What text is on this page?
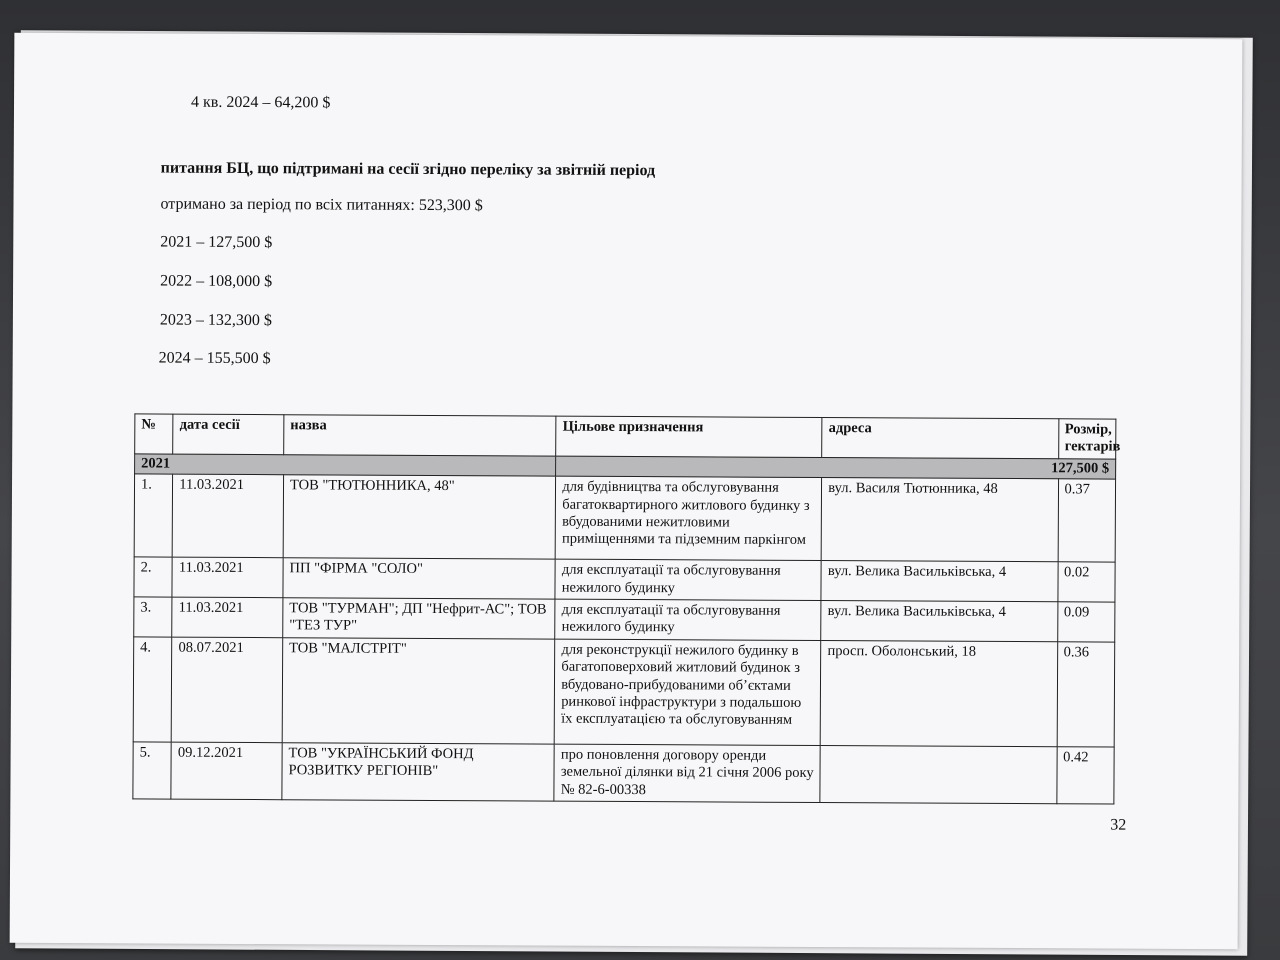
4 кв. 2024 – 64,200 $
питання БЦ, що підтримані на сесії згідно переліку за звітній період
отримано за період по всіх питаннях: 523,300 $
2021 – 127,500 $
2022 – 108,000 $
2023 – 132,300 $
2024 – 155,500 $
№	дата сесії	назва	Цільове призначення	адреса	Розмір, гектарів
2021			127,500 $		
1.	11.03.2021	ТОВ "ТЮТЮННИКА, 48"	для будівництва та обслуговування багатоквартирного житлового будинку з вбудованими нежитловими приміщеннями та підземним паркінгом	вул. Василя Тютюнника, 48	0.37
2.	11.03.2021	ПП "ФІРМА "СОЛО"	для експлуатації та обслуговування нежилого будинку	вул. Велика Васильківська, 4	0.02
3.	11.03.2021	ТОВ "ТУРМАН"; ДП "Нефрит-АС"; ТОВ "ТЕЗ ТУР"	для експлуатації та обслуговування нежилого будинку	вул. Велика Васильківська, 4	0.09
4.	08.07.2021	ТОВ "МАЛСТРІТ"	для реконструкції нежилого будинку в багатоповерховий житловий будинок з вбудовано-прибудованими об’єктами ринкової інфраструктури з подальшою їх експлуатацією та обслуговуванням	просп. Оболонський, 18	0.36
5.	09.12.2021	ТОВ "УКРАЇНСЬКИЙ ФОНД РОЗВИТКУ РЕГІОНІВ"	про поновлення договору оренди земельної ділянки від 21 січня 2006 року № 82-6-00338		0.42
32
